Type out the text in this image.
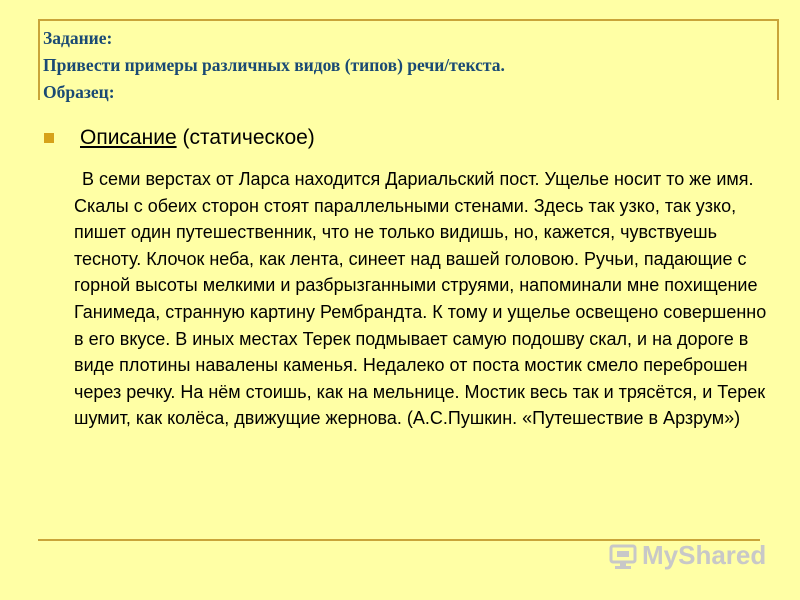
Задание:
Привести примеры различных видов (типов) речи/текста.
Образец:
Описание (статическое)
В семи верстах от Ларса находится Дариальский пост. Ущелье носит то же имя. Скалы с обеих сторон стоят параллельными стенами. Здесь так узко, так узко, пишет один путешественник, что не только видишь, но, кажется, чувствуешь тесноту. Клочок неба, как лента, синеет над вашей головою. Ручьи, падающие с горной высоты мелкими и разбрызганными струями, напоминали мне похищение Ганимеда, странную картину Рембрандта. К тому и ущелье освещено совершенно в его вкусе. В иных местах Терек подмывает самую подошву скал, и на дороге в виде плотины навалены каменья. Недалеко от поста мостик смело переброшен через речку. На нём стоишь, как на мельнице. Мостик весь так и трясётся, и Терек шумит, как колёса, движущие жернова. (А.С.Пушкин. «Путешествие в Арзрум»)
MyShared
